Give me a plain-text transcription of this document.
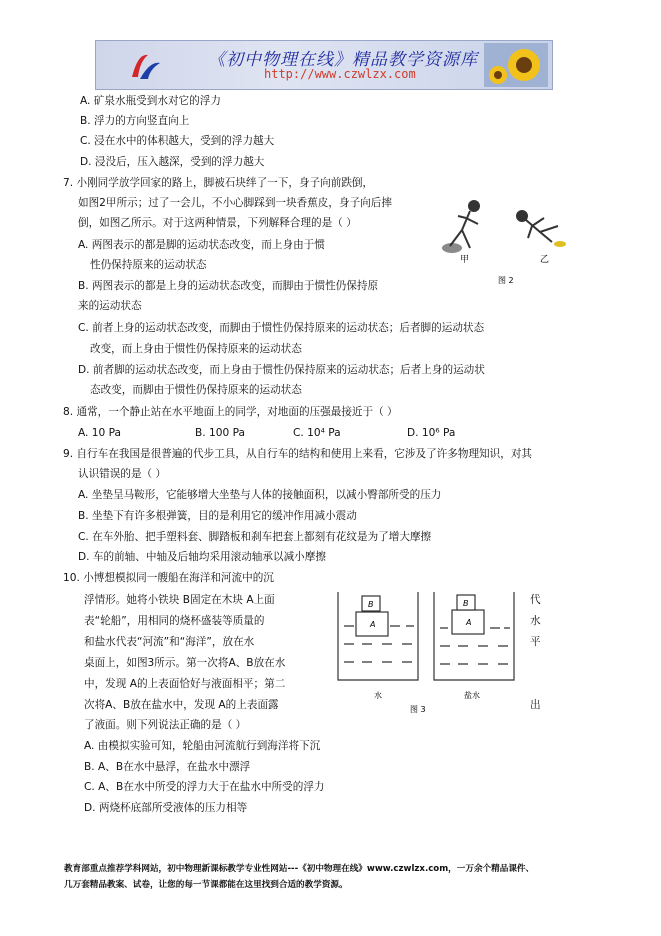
《初中物理在线》精品教学资源库
http://www.czwlzx.com
A. 矿泉水瓶受到水对它的浮力
B. 浮力的方向竖直向上
C. 浸在水中的体积越大，受到的浮力越大
D. 浸没后，压入越深，受到的浮力越大
7. 小刚同学放学回家的路上，脚被石块绊了一下，身子向前跌倒，
如图2甲所示；过了一会儿，不小心脚踩到一块香蕉皮，身子向后摔
倒，如图乙所示。对于这两种情景，下列解释合理的是（ ）
A. 两图表示的都是脚的运动状态改变，而上身由于惯
性仍保持原来的运动状态
B. 两图表示的都是上身的运动状态改变，而脚由于惯性仍保持原
来的运动状态
C. 前者上身的运动状态改变，而脚由于惯性仍保持原来的运动状态；后者脚的运动状态
改变，而上身由于惯性仍保持原来的运动状态
D. 前者脚的运动状态改变，而上身由于惯性仍保持原来的运动状态；后者上身的运动状
态改变，而脚由于惯性仍保持原来的运动状态
甲	乙
图 2
8. 通常，一个静止站在水平地面上的同学，对地面的压强最接近于（ ）
A. 10 Pa	B. 100 Pa	C. 10⁴ Pa	D. 10⁶ Pa
9. 自行车在我国是很普遍的代步工具，从自行车的结构和使用上来看，它涉及了许多物理知识，对其
认识错误的是（ ）
A. 坐垫呈马鞍形，它能够增大坐垫与人体的接触面积，以减小臀部所受的压力
B. 坐垫下有许多根弹簧，目的是利用它的缓冲作用减小震动
C. 在车外胎、把手塑料套、脚踏板和刹车把套上都刻有花纹是为了增大摩擦
D. 车的前轴、中轴及后轴均采用滚动轴承以减小摩擦
10. 小博想模拟同一艘船在海洋和河流中的沉
浮情形。她将小铁块 B固定在木块 A上面
表“轮船”，用相同的烧杯盛装等质量的
和盐水代表“河流”和“海洋”，放在水
桌面上，如图3所示。第一次将A、B放在水
中，发现 A的上表面恰好与液面相平；第二
次将A、B放在盐水中，发现 A的上表面露
了液面。则下列说法正确的是（ ）
代
水
平
出
A. 由模拟实验可知，轮船由河流航行到海洋将下沉
B. A、B在水中悬浮，在盐水中漂浮
C. A、B在水中所受的浮力大于在盐水中所受的浮力
D. 两烧杯底部所受液体的压力相等
B
A
B
A
水	盐水
图 3
教育部重点推荐学科网站，初中物理新课标教学专业性网站---《初中物理在线》www.czwlzx.com，一万余个精品课件、
几万套精品教案、试卷，让您的每一节课都能在这里找到合适的教学资源。
